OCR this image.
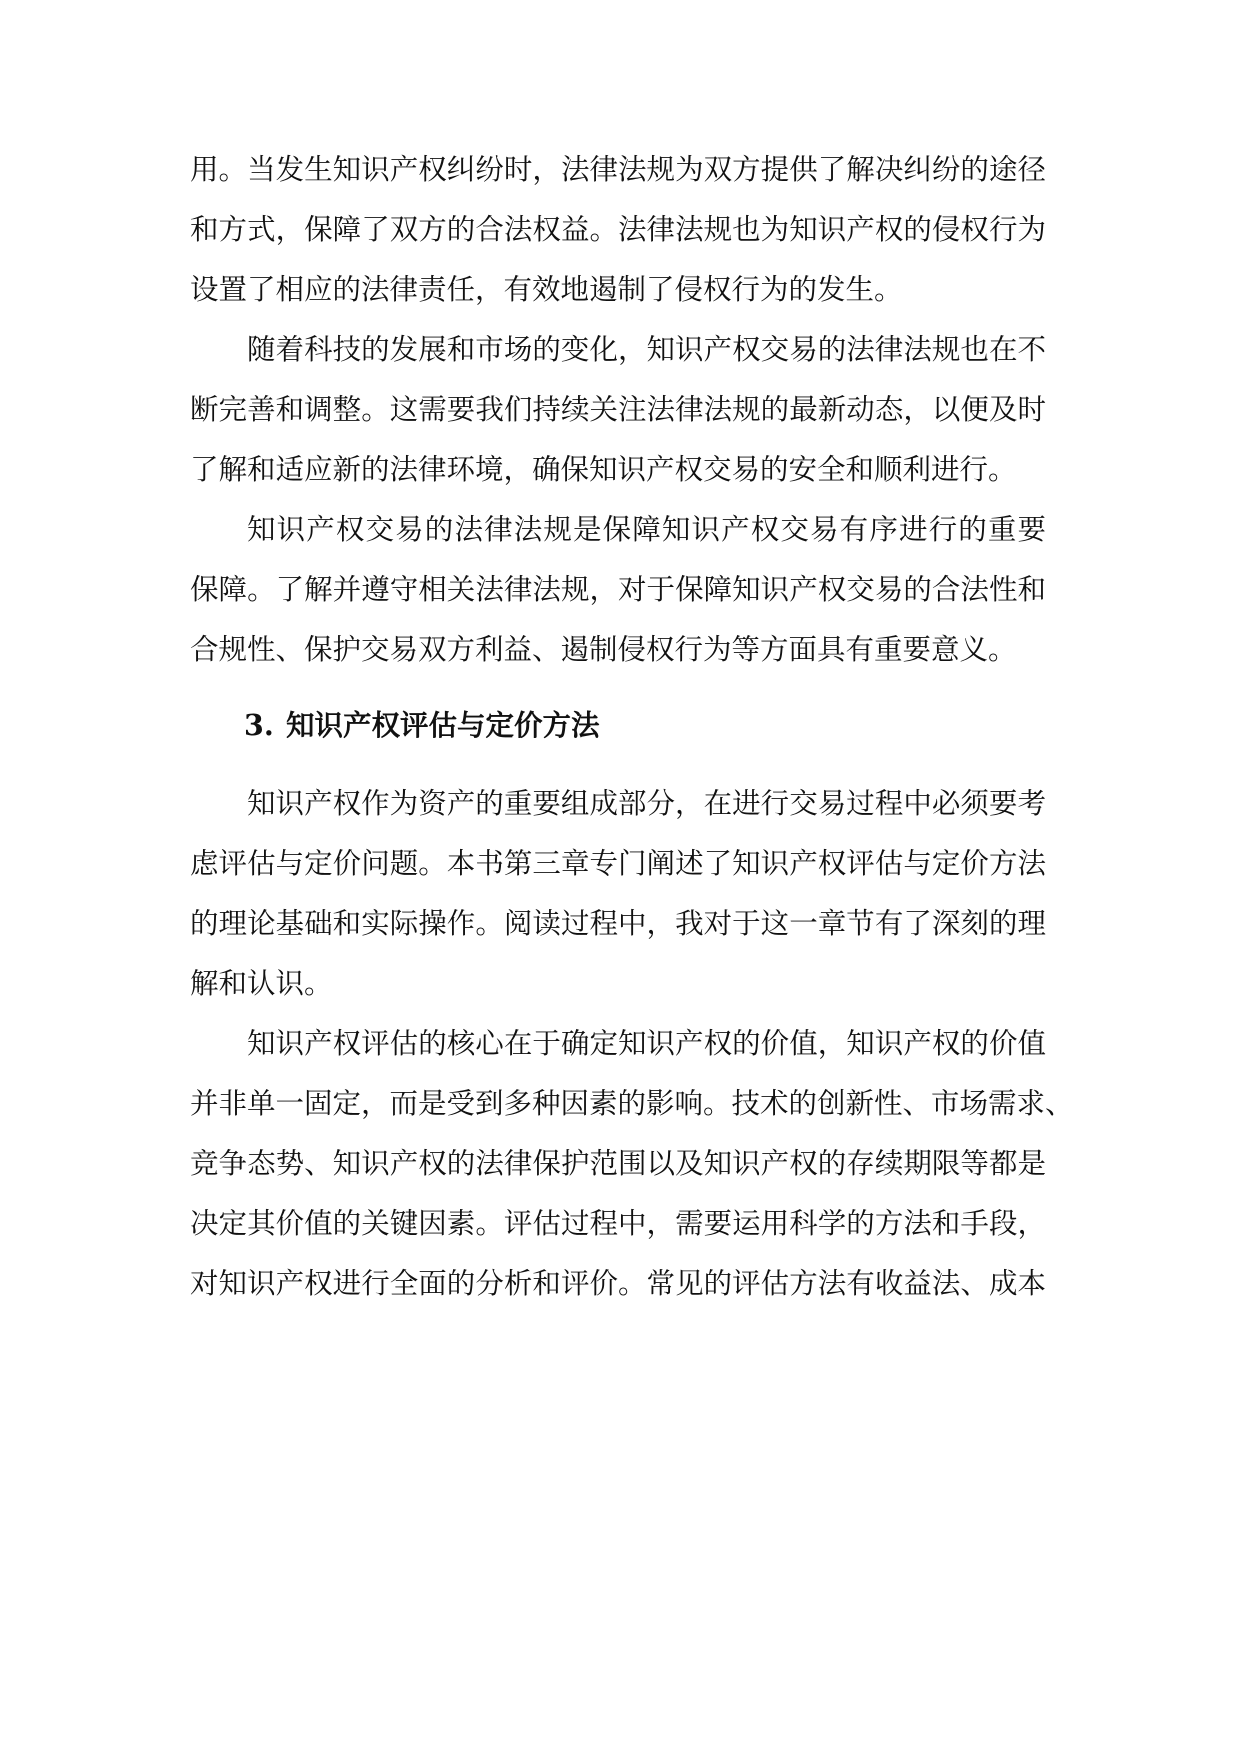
用。当发生知识产权纠纷时，法律法规为双方提供了解决纠纷的途径
和方式，保障了双方的合法权益。法律法规也为知识产权的侵权行为
设置了相应的法律责任，有效地遏制了侵权行为的发生。
随着科技的发展和市场的变化，知识产权交易的法律法规也在不
断完善和调整。这需要我们持续关注法律法规的最新动态，以便及时
了解和适应新的法律环境，确保知识产权交易的安全和顺利进行。
知识产权交易的法律法规是保障知识产权交易有序进行的重要
保障。了解并遵守相关法律法规，对于保障知识产权交易的合法性和
合规性、保护交易双方利益、遏制侵权行为等方面具有重要意义。
3. 知识产权评估与定价方法
知识产权作为资产的重要组成部分，在进行交易过程中必须要考
虑评估与定价问题。本书第三章专门阐述了知识产权评估与定价方法
的理论基础和实际操作。阅读过程中，我对于这一章节有了深刻的理
解和认识。
知识产权评估的核心在于确定知识产权的价值，知识产权的价值
并非单一固定，而是受到多种因素的影响。技术的创新性、市场需求、
竞争态势、知识产权的法律保护范围以及知识产权的存续期限等都是
决定其价值的关键因素。评估过程中，需要运用科学的方法和手段，
对知识产权进行全面的分析和评价。常见的评估方法有收益法、成本
